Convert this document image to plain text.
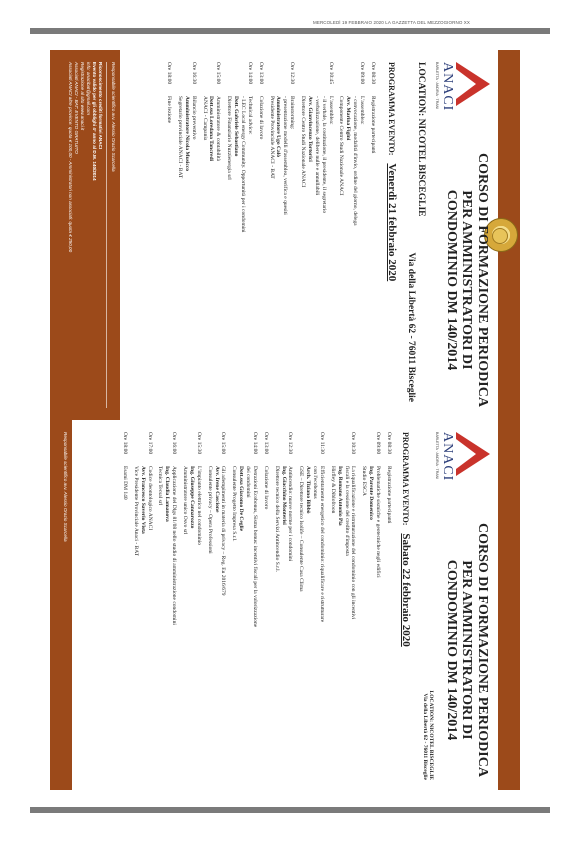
MERCOLEDÌ 19 FEBBRAIO 2020 LA GAZZETTA DEL MEZZOGIORNO XX
ANACI
BARLETTA · ANDRIA · TRANI
CORSO DI FORMAZIONE PERIODICA PER AMMINISTRATORI DI CONDOMINIO DM 140/2014
LOCATION: NICOTEL BISCEGLIE
Via della Libertà 62 - 76011 Bisceglie
PROGRAMMA EVENTO: Venerdì 21 febbraio 2020
Ore 08:30
Registrazione partecipanti
Ore 09:00
L'assemblea:
- convocazione, modalità d'invio, ordine del giorno, delega
Avv. Marina Figini
Componente Centro Studi Nazionale ANACI
Ore 10:45
L'assemblea:
- il verbale, la costituzione, il presidente, il segretario
- verbalizzazione, delibere nulle e annullabili
Avv. Gianvincenzo Tortorici
Direttore Centro Studi Nazionale ANACI
Ore 12:30
Brainstorming:
- presentazione modelli d'assemblea, verifica e quesiti
Amministratore Ugo Calò
Presidente Provinciale ANACI - BAT
Ore 13:00
Colazione di lavoro
Ore 14:00
Technical advice:
- LEC Local energy Community. Opportunità per i condomini
Dott. Gabriele Sebastiano
Direttore Finanziario Nuzzienergia srl
Ore 15:00
Amministratore & contabilità
Dott.ssa Loredana Tancredi
ANACI - Campania
Ore 16:30
Bilancio preventivo
Amministratore Nicola Musicco
Segretario provinciale ANACI - BAT
Ore 18:00
Fine lezione
Responsabile scientifico avv. Alessio Orazio Scarcella
Riconoscimento crediti formativi ANACI
Evento valido per gli obblighi 4° anno al D.M. 140/2014
info: anacibat@gmail.com
Registrazione al sito www.anaci.it
Associati ANACI - BAT: EVENTO GRATUITO
Associati ANACI altre province: quota € 100,00 - Amministratori non associati: quota € 250,00
ANACI
BARLETTA · ANDRIA · TRANI
CORSO DI FORMAZIONE PERIODICA PER AMMINISTRATORI DI CONDOMINIO DM 140/2014
LOCATION: NICOTEL BISCEGLIE
Via della Libertà 62 - 76011 Bisceglie
PROGRAMMA EVENTO: Sabato 22 febbraio 2020
Ore 08:30
Registrazione partecipanti
Ore 09:00
Problematiche sismiche e geotecniche negli edifici
Ing. Parente Domenico
Studio ESCA
Ore 10:30
La riqualificazione e ristrutturazione del condominio con gli incentivi
fiscali e la cessione del credito d'imposta
Ing. Romano Antonio Pia
Hirfley & Diblofroon
Ore 11:30
Efficientamento energetico del condominio: riqualificare e ristrutturare
con l'ecobonus
Arch. Tiziano Bibbò
GSE – Direttore tecnico Isolife – Consulente Casa Clima
Ore 12:30
Antincendio: nuove norme per i condomini
Ing. Giacchino Monterisi
Direttore tecnico della Servizi Antincendio S.r.l.
Ore 13:00
Colazione di lavoro
Ore 14:00
Detrazioni Ecobonus, Sisma bonus: incentivi fiscali per la valorizzazione
dei condomini
Dott.ssa Giacomo De Ceglie
Consulente Progetto Impresa S.r.l.
Ore 15:00
Gli adempimenti in materia di privacy – Reg. Eu 2016/679
Avv. Irene Cascione
Consulente privacy – Opera Professioni
Ore 15:30
L'impianto elettrico nel condominio
Ing. Giuseppe Cannarozzo
Amministratore unico Osvo srl
Ore 16:00
Applicazione del Dlgs 81/08 nello studio di amministrazione condomini
Ing. Claudia Lamanova
Tecnica Tecsal srl
Ore 17:00
Codice deontologico ANACI
Avv. Francesco Saverio Vista
Vice Presidente Provinciale Anaci - BAT
Ore 18:00
Esami DM 140
Responsabile scientifico avv. Alessio Orazio Scarcella
